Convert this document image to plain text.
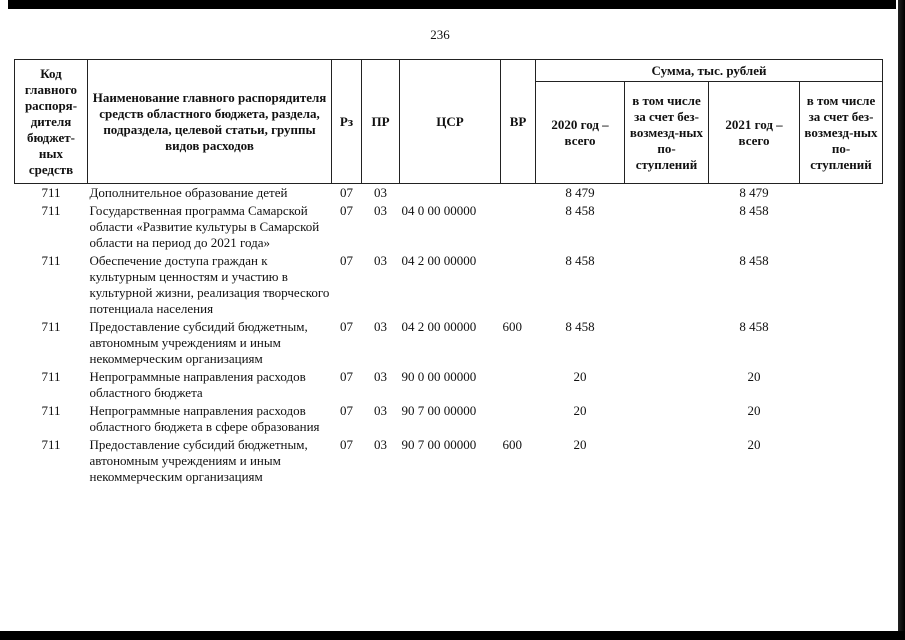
236
Код главного распоря-дителя бюджет-ных средств	Наименование главного распорядителя средств областного бюджета, раздела, подраздела, целевой статьи, группы видов расходов	Рз	ПР	ЦСР	ВР	Сумма, тыс. рублей			
						2020 год – всего	в том числе за счет без-возмезд-ных по-ступлений	2021 год – всего	в том числе за счет без-возмезд-ных по-ступлений
711	Дополнительное образование детей	07	03			8 479		8 479	
711	Государственная программа Самарской области «Развитие культуры в Самарской области на период до 2021 года»	07	03	04 0 00 00000		8 458		8 458	
711	Обеспечение доступа граждан к культурным ценностям и участию в культурной жизни, реализация творческого потенциала населения	07	03	04 2 00 00000		8 458		8 458	
711	Предоставление субсидий бюджетным, автономным учреждениям и иным некоммерческим организациям	07	03	04 2 00 00000	600	8 458		8 458	
711	Непрограммные направления расходов областного бюджета	07	03	90 0 00 00000		20		20	
711	Непрограммные направления расходов областного бюджета в сфере образования	07	03	90 7 00 00000		20		20	
711	Предоставление субсидий бюджетным, автономным учреждениям и иным некоммерческим организациям	07	03	90 7 00 00000	600	20		20	
